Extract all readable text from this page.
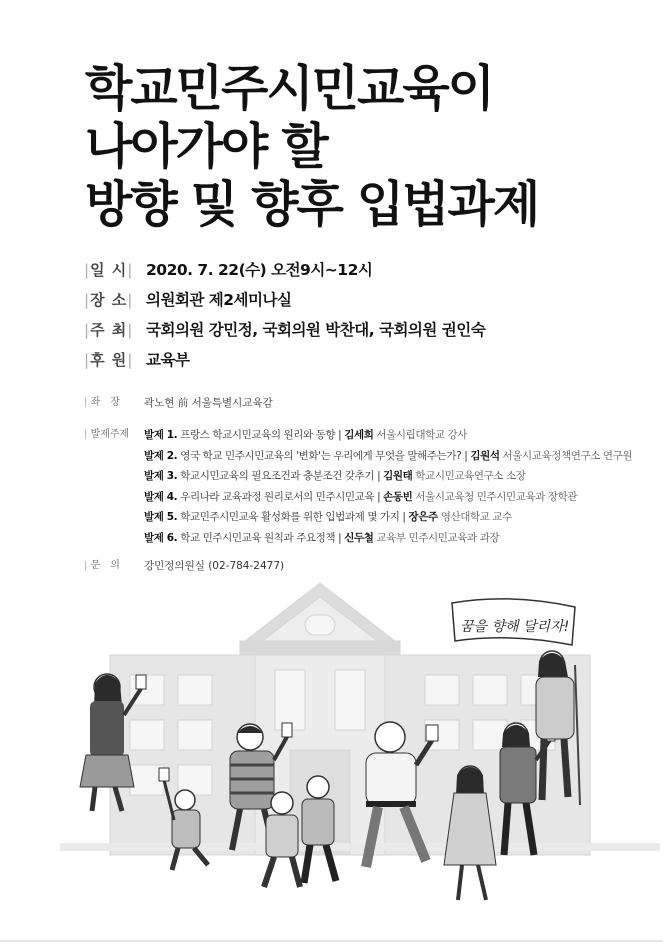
학교민주시민교육이
나아가야 할
방향 및 향후 입법과제
|일 시| 2020. 7. 22(수) 오전9시~12시
|장 소| 의원회관 제2세미나실
|주 최| 국회의원 강민정, 국회의원 박찬대, 국회의원 권인숙
|후 원| 교육부
| 좌　장	곽노현 前 서울특별시교육감
| 발제주제	발제 1. 프랑스 학교시민교육의 원리와 동향 | 김세희 서울시립대학교 강사
발제 2. 영국 학교 민주시민교육의 '변화'는 우리에게 무엇을 말해주는가? | 김원석 서울시교육정책연구소 연구원
발제 3. 학교시민교육의 필요조건과 충분조건 갖추기 | 김원태 학교시민교육연구소 소장
발제 4. 우리나라 교육과정 원리로서의 민주시민교육 | 손동빈 서울시교육청 민주시민교육과 장학관
발제 5. 학교민주시민교육 활성화를 위한 입법과제 몇 가지 | 장은주 영산대학교 교수
발제 6. 학교 민주시민교육 원칙과 주요정책 | 신두철 교육부 민주시민교육과 과장
| 문　의	강민정의원실 (02-784-2477)
꿈을 향해 달리자!
